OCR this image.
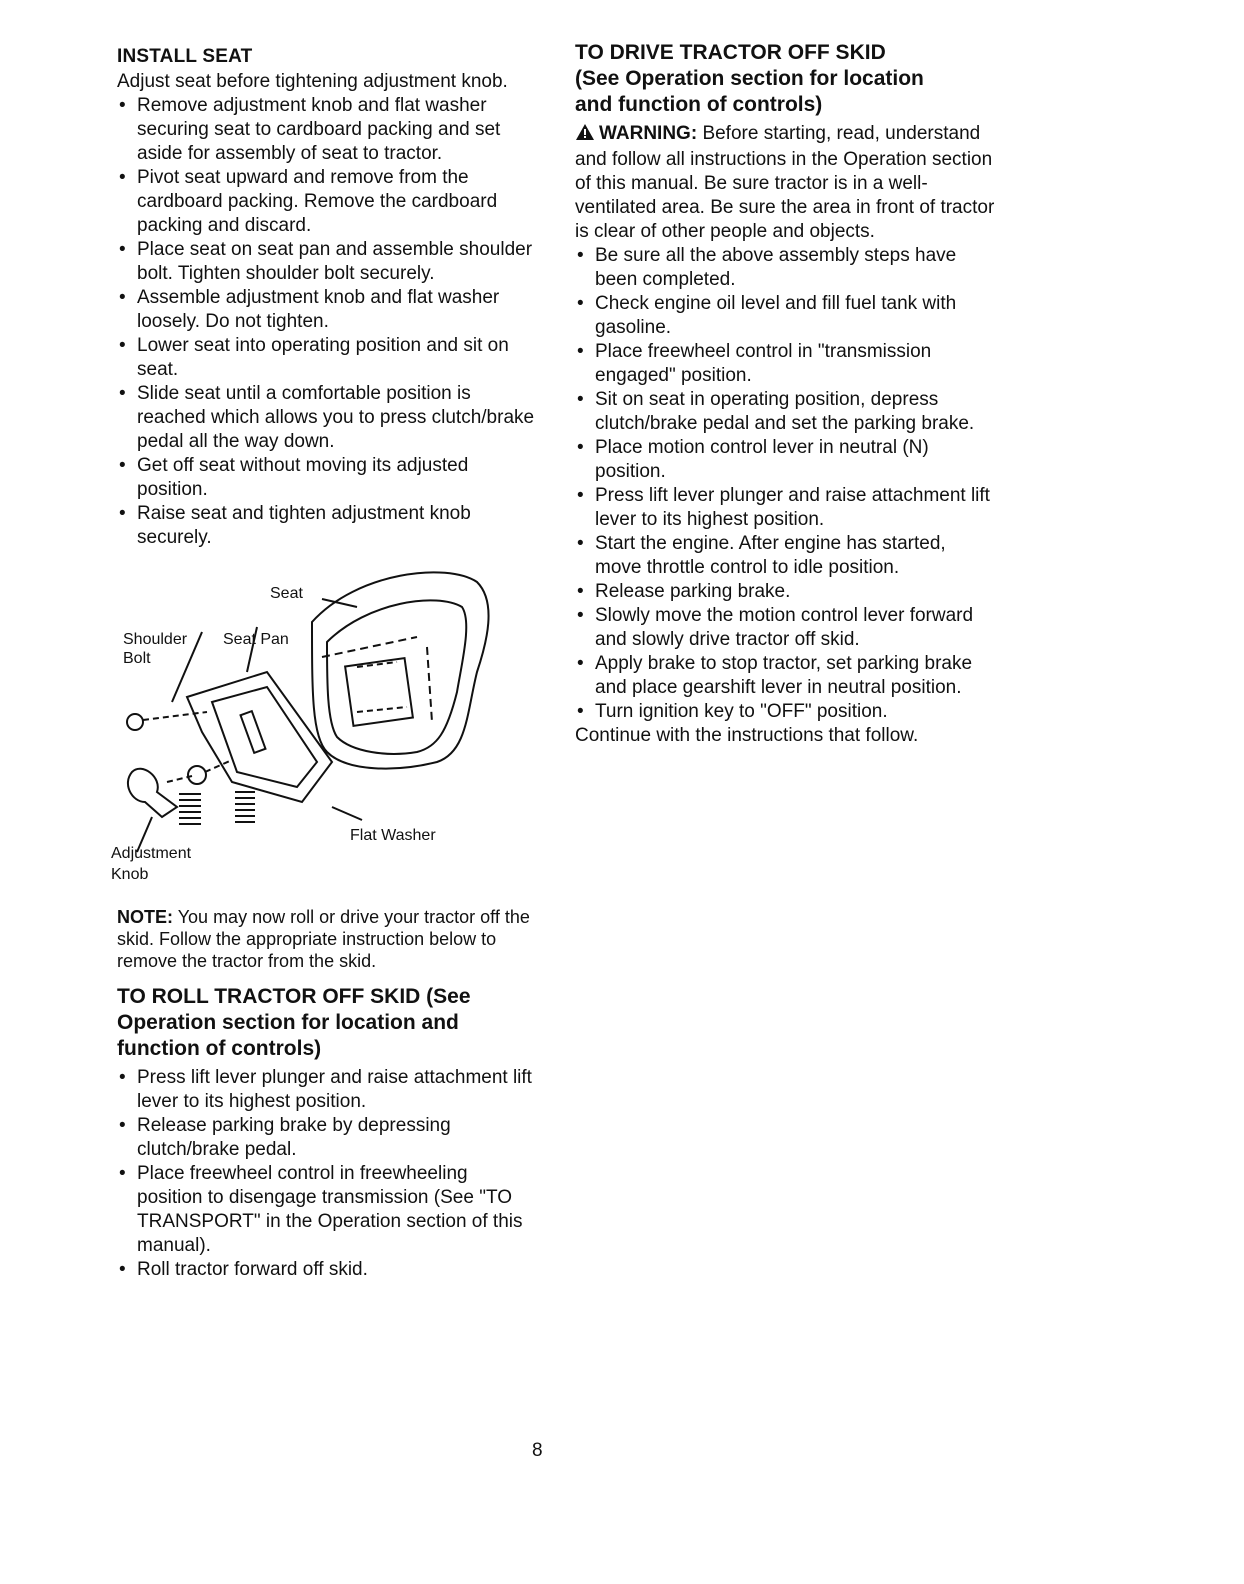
INSTALL SEAT

Adjust seat before tightening adjustment knob.

• Remove adjustment knob and flat washer securing seat to cardboard packing and set aside for assembly of seat to tractor.
• Pivot seat upward and remove from the cardboard packing. Remove the cardboard packing and discard.
• Place seat on seat pan and assemble shoulder bolt. Tighten shoulder bolt securely.
• Assemble adjustment knob and flat washer loosely. Do not tighten.
• Lower seat into operating position and sit on seat.
• Slide seat until a comfortable position is reached which allows you to press clutch/brake pedal all the way down.
• Get off seat without moving its adjusted position.
• Raise seat and tighten adjustment knob securely.
Seat
Shoulder
Bolt
Seat Pan
Flat Washer
Adjustment
Knob

NOTE: You may now roll or drive your tractor off the skid. Follow the appropriate instruction below to remove the tractor from the skid.

TO ROLL TRACTOR OFF SKID (See
Operation section for location and
function of controls)
• Press lift lever plunger and raise attachment lift lever to its highest position.
• Release parking brake by depressing clutch/brake pedal.
• Place freewheel control in freewheeling position to disengage transmission (See "TO TRANSPORT" in the Operation section of this manual).
• Roll tractor forward off skid.
TO DRIVE TRACTOR OFF SKID
(See Operation section for location
and function of controls)

WARNING: Before starting, read, understand and follow all instructions in the Operation section of this manual. Be sure tractor is in a well-ventilated area. Be sure the area in front of tractor is clear of other people and objects.

• Be sure all the above assembly steps have been completed.
• Check engine oil level and fill fuel tank with gasoline.
• Place freewheel control in "transmission engaged" position.
• Sit on seat in operating position, depress clutch/brake pedal and set the parking brake.
• Place motion control lever in neutral (N) position.
• Press lift lever plunger and raise attachment lift lever to its highest position.
• Start the engine. After engine has started, move throttle control to idle position.
• Release parking brake.
• Slowly move the motion control lever forward and slowly drive tractor off skid.
• Apply brake to stop tractor, set parking brake and place gearshift lever in neutral position.
• Turn ignition key to "OFF" position.

Continue with the instructions that follow.

8
